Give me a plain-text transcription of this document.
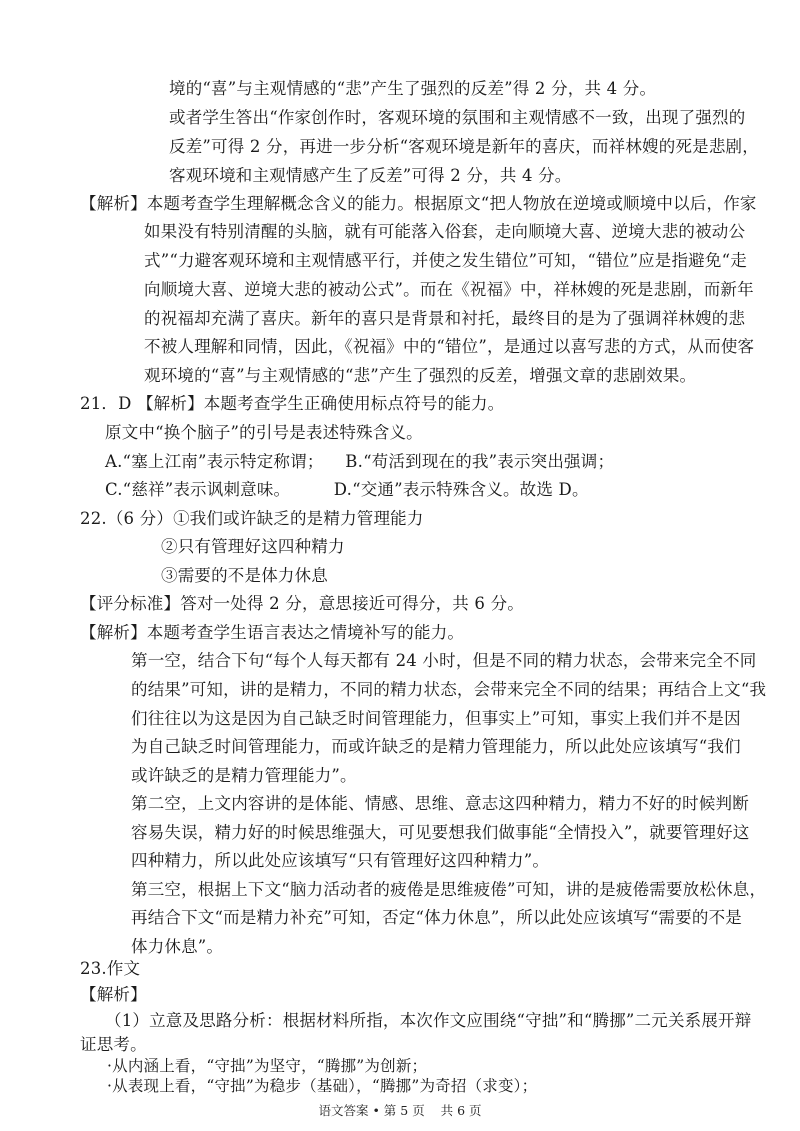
境的“喜”与主观情感的“悲”产生了强烈的反差”得 2 分，共 4 分。
或者学生答出“作家创作时，客观环境的氛围和主观情感不一致，出现了强烈的
反差”可得 2 分，再进一步分析“客观环境是新年的喜庆，而祥林嫂的死是悲剧，
客观环境和主观情感产生了反差”可得 2 分，共 4 分。
【解析】本题考查学生理解概念含义的能力。根据原文“把人物放在逆境或顺境中以后，作家
如果没有特别清醒的头脑，就有可能落入俗套，走向顺境大喜、逆境大悲的被动公
式”“力避客观环境和主观情感平行，并使之发生错位”可知，“错位”应是指避免“走
向顺境大喜、逆境大悲的被动公式”。而在《祝福》中，祥林嫂的死是悲剧，而新年
的祝福却充满了喜庆。新年的喜只是背景和衬托，最终目的是为了强调祥林嫂的悲
不被人理解和同情，因此，《祝福》中的“错位”，是通过以喜写悲的方式，从而使客
观环境的“喜”与主观情感的“悲”产生了强烈的反差，增强文章的悲剧效果。
21．D 【解析】本题考查学生正确使用标点符号的能力。
原文中“换个脑子”的引号是表述特殊含义。
A.“塞上江南”表示特定称谓；    B.“苟活到现在的我”表示突出强调；
C.“慈祥”表示讽刺意味。        D.“交通”表示特殊含义。故选 D。
22.（6 分）①我们或许缺乏的是精力管理能力
②只有管理好这四种精力
③需要的不是体力休息
【评分标准】答对一处得 2 分，意思接近可得分，共 6 分。
【解析】本题考查学生语言表达之情境补写的能力。
第一空，结合下句“每个人每天都有 24 小时，但是不同的精力状态，会带来完全不同
的结果”可知，讲的是精力，不同的精力状态，会带来完全不同的结果；再结合上文“我
们往往以为这是因为自己缺乏时间管理能力，但事实上”可知，事实上我们并不是因
为自己缺乏时间管理能力，而或许缺乏的是精力管理能力，所以此处应该填写“我们
或许缺乏的是精力管理能力”。
第二空，上文内容讲的是体能、情感、思维、意志这四种精力，精力不好的时候判断
容易失误，精力好的时候思维强大，可见要想我们做事能“全情投入”，就要管理好这
四种精力，所以此处应该填写“只有管理好这四种精力”。
第三空，根据上下文“脑力活动者的疲倦是思维疲倦”可知，讲的是疲倦需要放松休息，
再结合下文“而是精力补充”可知，否定“体力休息”，所以此处应该填写“需要的不是
体力休息”。
23.作文
【解析】
（1）立意及思路分析：根据材料所指，本次作文应围绕“守拙”和“腾挪”二元关系展开辩
证思考。
语文答案 • 第 5 页    共 6 页
·从内涵上看，“守拙”为坚守，“腾挪”为创新；
·从表现上看，“守拙”为稳步（基础），“腾挪”为奇招（求变）；
